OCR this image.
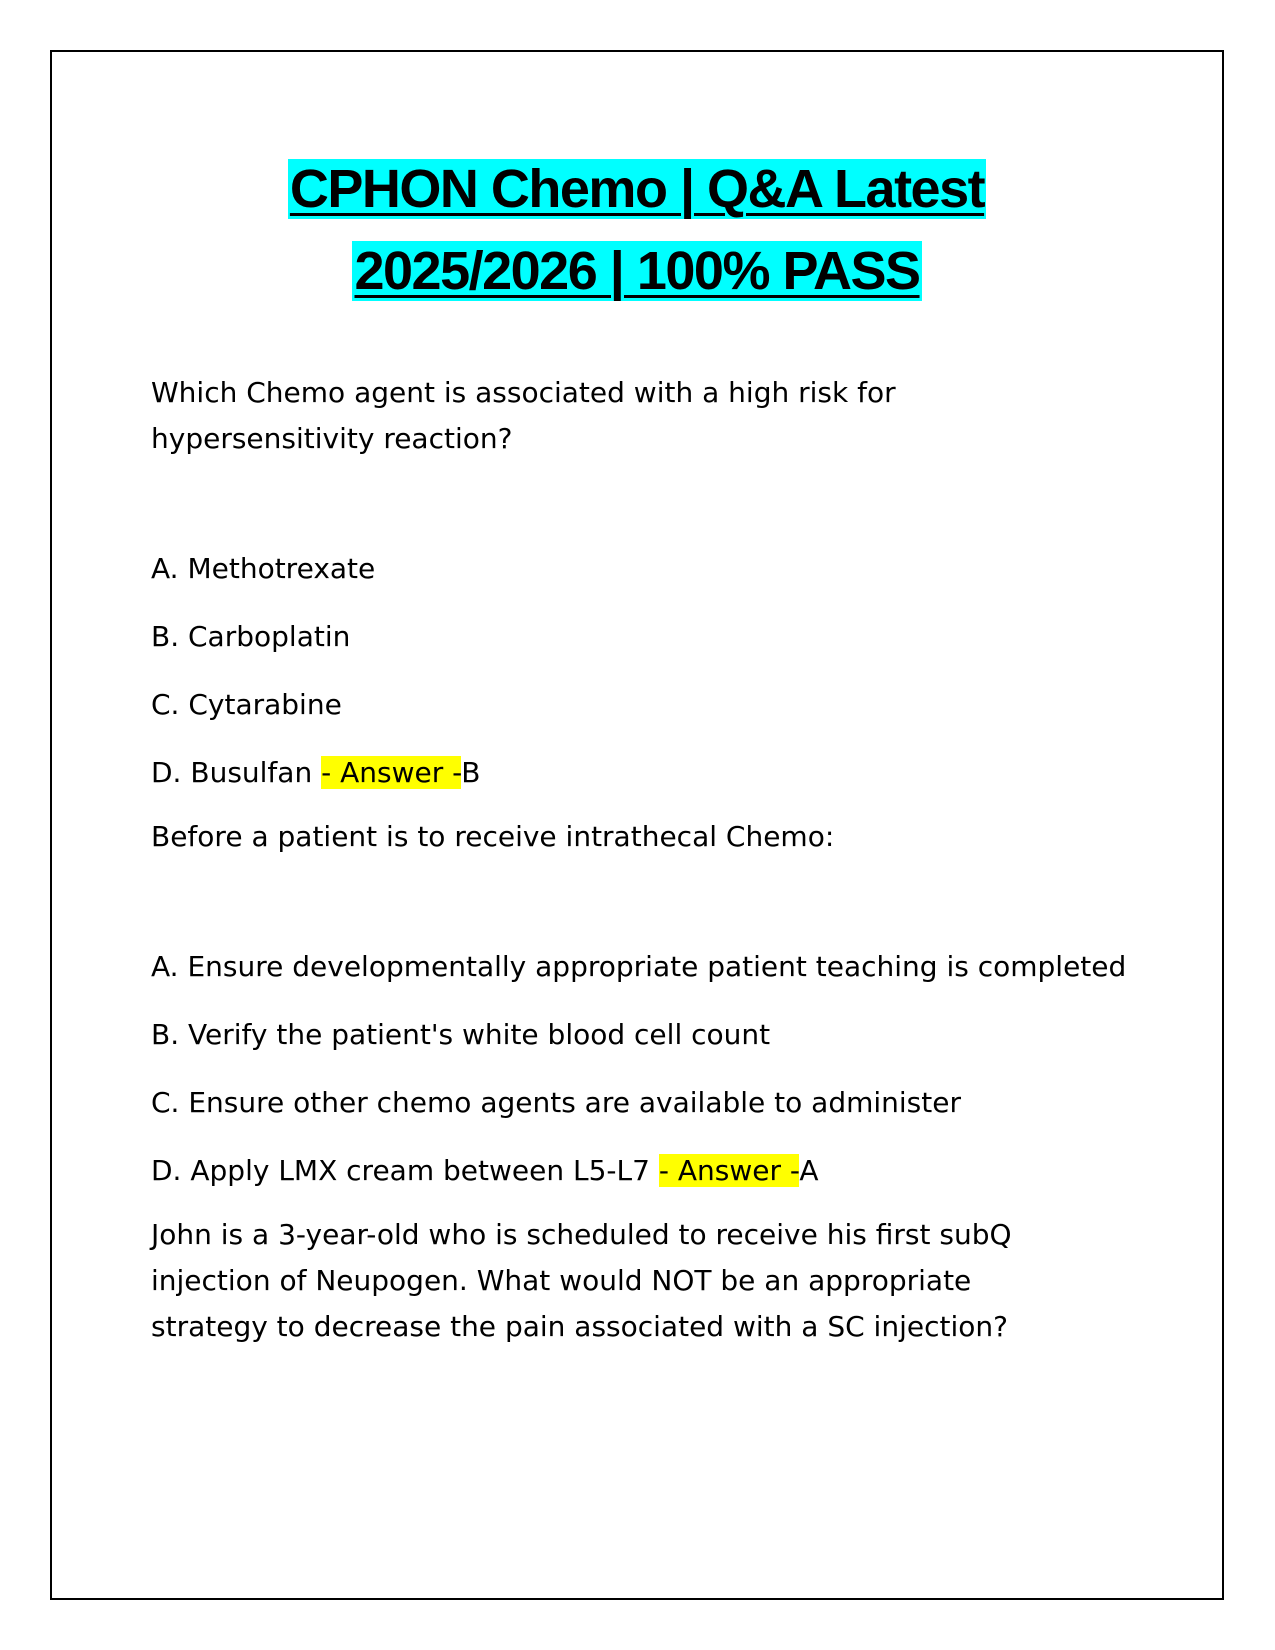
CPHON Chemo | Q&A Latest
2025/2026 | 100% PASS

Which Chemo agent is associated with a high risk for hypersensitivity reaction?

A. Methotrexate

B. Carboplatin

C. Cytarabine

D. Busulfan - Answer -B

Before a patient is to receive intrathecal Chemo:

A. Ensure developmentally appropriate patient teaching is completed

B. Verify the patient's white blood cell count

C. Ensure other chemo agents are available to administer

D. Apply LMX cream between L5-L7 - Answer -A

John is a 3-year-old who is scheduled to receive his first subQ injection of Neupogen. What would NOT be an appropriate strategy to decrease the pain associated with a SC injection?
